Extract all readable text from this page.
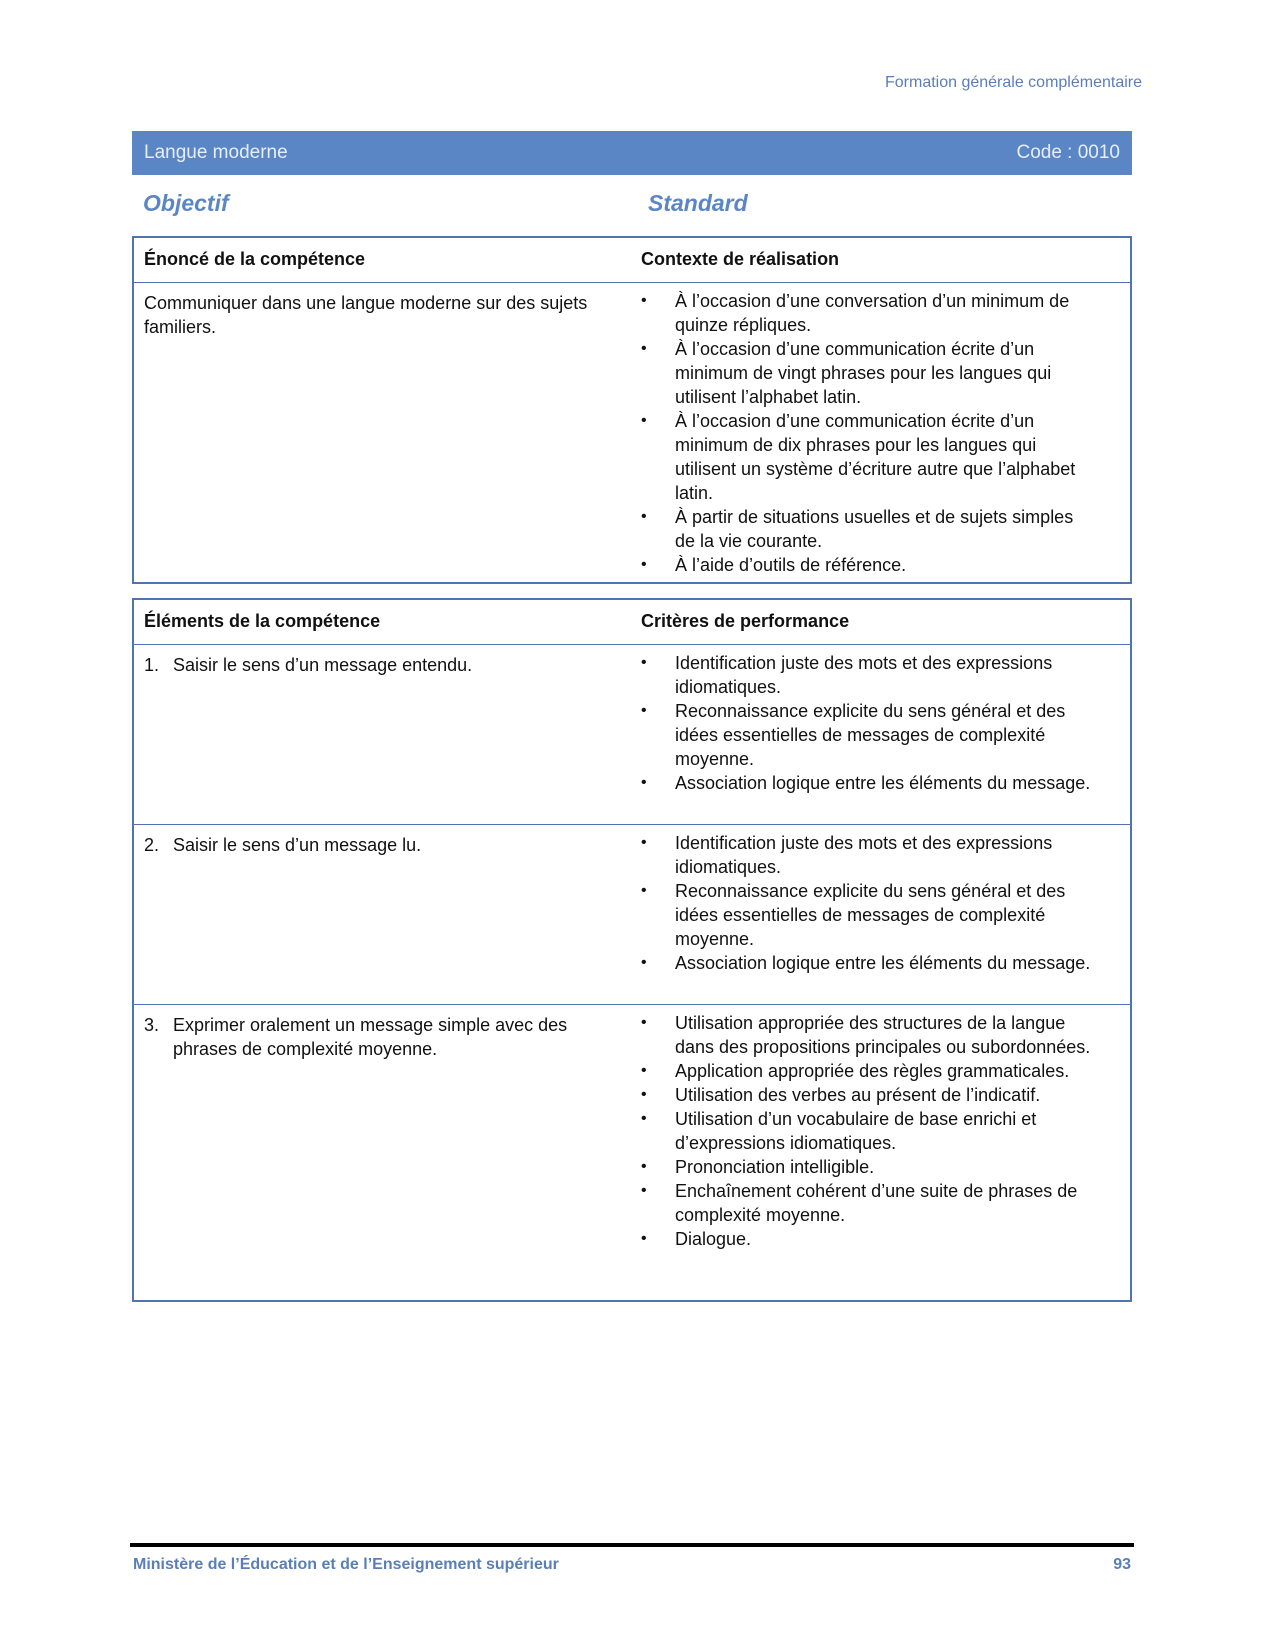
Formation générale complémentaire
Langue moderne	Code : 0010
Objectif	Standard
Énoncé de la compétence	Contexte de réalisation
Communiquer dans une langue moderne sur des sujets familiers.
•	À l’occasion d’une conversation d’un minimum de quinze répliques.
•	À l’occasion d’une communication écrite d’un minimum de vingt phrases pour les langues qui utilisent l’alphabet latin.
•	À l’occasion d’une communication écrite d’un minimum de dix phrases pour les langues qui utilisent un système d’écriture autre que l’alphabet latin.
•	À partir de situations usuelles et de sujets simples de la vie courante.
•	À l’aide d’outils de référence.
Éléments de la compétence	Critères de performance
1. Saisir le sens d’un message entendu.	•	Identification juste des mots et des expressions idiomatiques.
•	Reconnaissance explicite du sens général et des idées essentielles de messages de complexité moyenne.
•	Association logique entre les éléments du message.
2. Saisir le sens d’un message lu.	•	Identification juste des mots et des expressions idiomatiques.
•	Reconnaissance explicite du sens général et des idées essentielles de messages de complexité moyenne.
•	Association logique entre les éléments du message.
3. Exprimer oralement un message simple avec des phrases de complexité moyenne.
•	Utilisation appropriée des structures de la langue dans des propositions principales ou subordonnées.
•	Application appropriée des règles grammaticales.
•	Utilisation des verbes au présent de l’indicatif.
•	Utilisation d’un vocabulaire de base enrichi et d’expressions idiomatiques.
•	Prononciation intelligible.
•	Enchaînement cohérent d’une suite de phrases de complexité moyenne.
•	Dialogue.
Ministère de l’Éducation et de l’Enseignement supérieur	93
